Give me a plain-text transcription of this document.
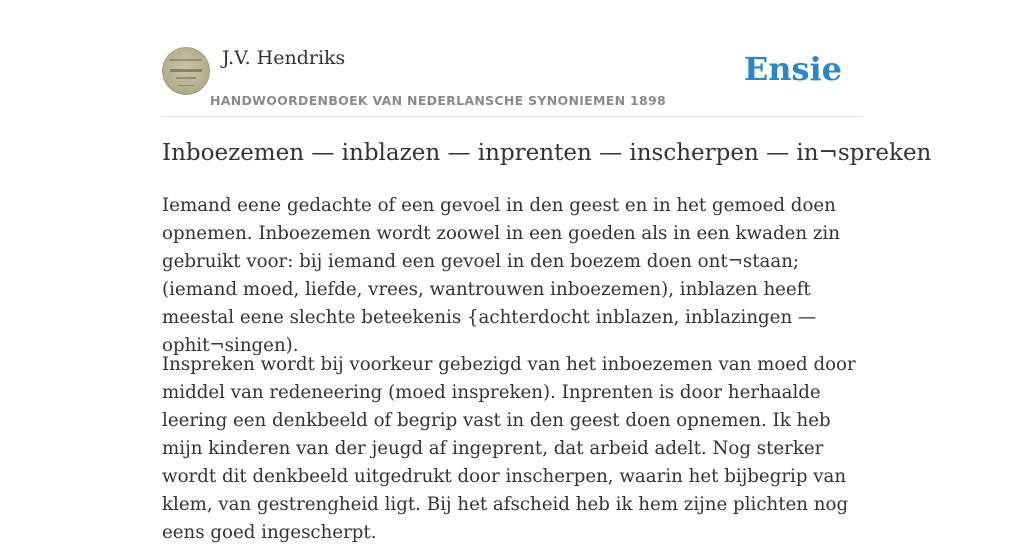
J.V. Hendriks
HANDWOORDENBOEK VAN NEDERLANSCHE SYNONIEMEN 1898
Ensie
Inboezemen — inblazen — inprenten — inscherpen — in¬spreken

Iemand eene gedachte of een gevoel in den geest en in het gemoed doen opnemen. Inboezemen wordt zoowel in een goeden als in een kwaden zin gebruikt voor: bij iemand een gevoel in den boezem doen ont¬staan; (iemand moed, liefde, vrees, wantrouwen inboezemen), inblazen heeft meestal eene slechte beteekenis {achterdocht inblazen, inblazingen — ophit¬singen).

Inspreken wordt bij voorkeur gebezigd van het inboezemen van moed door middel van redeneering (moed inspreken). Inprenten is door herhaalde leering een denkbeeld of begrip vast in den geest doen opnemen. Ik heb mijn kinderen van der jeugd af ingeprent, dat arbeid adelt. Nog sterker wordt dit denkbeeld uitgedrukt door inscherpen, waarin het bijbegrip van klem, van gestrengheid ligt. Bij het afscheid heb ik hem zijne plichten nog eens goed ingescherpt.
